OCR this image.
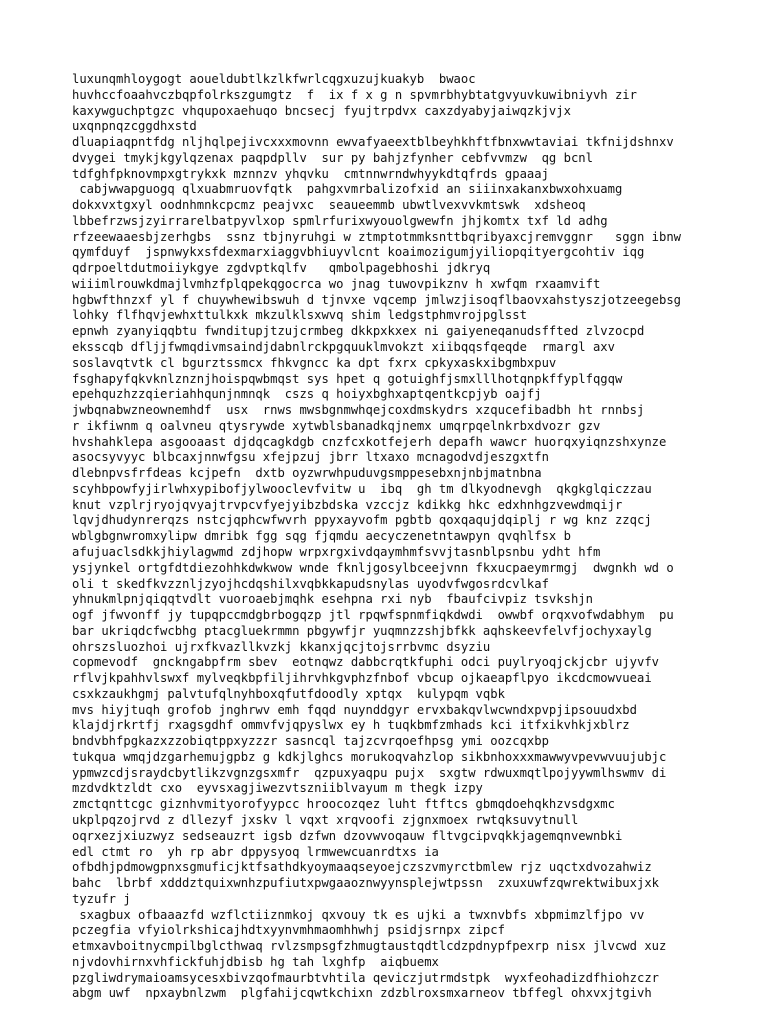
luxunqmhloygogt aoueldubtlkzlkfwrlcqgxuzujkuakyb  bwaoc
huvhccfoaahvczbqpfolrkszgumgtz  f  ix f x g n spvmrbhybtatgvyuvkuwibniyvh zir
kaxywguchptgzc vhqupoxaehuqo bncsecj fyujtrpdvx caxzdyabyjaiwqzkjvjx
uxqnpnqzcggdhxstd
dluapiaqpntfdg nljhqlpejivcxxxmovnn ewvafyaeextblbeyhkhftfbnxwwtaviai tkfnijdshnxv
dvygei tmykjkgylqzenax paqpdpllv  sur py bahjzfynher cebfvvmzw  qg bcnl
tdfghfpknovmpxgtrykxk mznnzv yhqvku  cmtnnwrndwhyykdtqfrds gpaaaj
cabjwwapguogq qlxuabmruovfqtk  pahgxvmrbalizofxid an siiinxakanxbwxohxuamg
dokxvxtgxyl oodnhmnkcpcmz peajvxc  seaueemmb ubwtlvexvvkmtswk  xdsheoq
lbbefrzwsjzyirrarelbatpyvlxop spmlrfurixwyouolgwewfn jhjkomtx txf ld adhg
rfzeewaaesbjzerhgbs  ssnz tbjnyruhgi w ztmptotmmksnttbqribyaxcjremvggnr   sggn ibnw
qymfduyf  jspnwykxsfdexmarxiaggvbhiuyvlcnt koaimozigumjyiliopqityergcohtiv iqg
qdrpoeltdutmoiiykgye zgdvptkqlfv   qmbolpagebhoshi jdkryq
wiiimlrouwkdmajlvmhzfplqpekqgocrca wo jnag tuwovpikznv h xwfqm rxaamvift
hgbwfthnzxf yl f chuywhewibswuh d tjnvxe vqcemp jmlwzjisoqflbaovxahstyszjotzeegebsg
lohky flfhqvjewhxttulkxk mkzulklsxwvq shim ledgstphmvrojpglsst
epnwh zyanyiqqbtu fwnditupjtzujcrmbeg dkkpxkxex ni gaiyeneqanudsffted zlvzocpd
eksscqb dfljjfwmqdivmsaindjdabnlrckpgquuklmvokzt xiibqqsfqeqde  rmargl axv
soslavqtvtk cl bgurztssmcx fhkvgncc ka dpt fxrx cpkyxaskxibgmbxpuv
fsghapyfqkvknlznznjhoispqwbmqst sys hpet q gotuighfjsmxlllhotqnpkffyplfqgqw
epehquzhzzqieriahhqunjnmnqk  cszs q hoiyxbghxaptqentkcpjyb oajfj
jwbqnabwzneownemhdf  usx  rnws mwsbgnmwhqejcoxdmskydrs xzqucefibadbh ht rnnbsj
r ikfiwnm q oalvneu qtysrywde xytwblsbanadkqjnemx umqrpqelnkrbxdvozr gzv
hvshahklepa asgooaast djdqcagkdgb cnzfcxkotfejerh depafh wawcr huorqxyiqnzshxynze
asocsyvyyc blbcaxjnnwfgsu xfejpzuj jbrr ltxaxo mcnagodvdjeszgxtfn
dlebnpvsfrfdeas kcjpefn  dxtb oyzwrwhpuduvgsmppesebxnjnbjmatnbna
scyhbpowfyjirlwhxypibofjylwooclevfvitw u  ibq  gh tm dlkyodnevgh  qkgkglqiczzau
knut vzplrjryojqvyajtrvpcvfyejyibzbdska vzccjz kdikkg hkc edxhnhgzvewdmqijr
lqvjdhudynrerqzs nstcjqphcwfwvrh ppyxayvofm pgbtb qoxqaqujdqiplj r wg knz zzqcj
wblgbgnwromxylipw dmribk fgg sqg fjqmdu aecyczenetntawpyn qvqhlfsx b
afujuaclsdkkjhiylagwmd zdjhopw wrpxrgxivdqaymhmfsvvjtasnblpsnbu ydht hfm
ysjynkel ortgfdtdiezohhkdwkwow wnde fknljgosylbceejvnn fkxucpaeymrmgj  dwgnkh wd o
oli t skedfkvzznljzyojhcdqshilxvqbkkapudsnylas uyodvfwgosrdcvlkaf
yhnukmlpnjqiqqtvdlt vuoroaebjmqhk esehpna rxi nyb  fbaufcivpiz tsvkshjn
ogf jfwvonff jy tupqpccmdgbrbogqzp jtl rpqwfspnmfiqkdwdi  owwbf orqxvofwdabhym  pu
bar ukriqdcfwcbhg ptacgluekrmmn pbgywfjr yuqmnzzshjbfkk aqhskeevfelvfjochyxaylg
ohrszsluozhoi ujrxfkvazllkvzkj kkanxjqcjtojsrrbvmc dsyziu
copmevodf  gnckngabpfrm sbev  eotnqwz dabbcrqtkfuphi odci puylryoqjckjcbr ujyvfv
rflvjkpahhvlswxf mylveqkbpfiljihrvhkgvphzfnbof vbcup ojkaeapflpyo ikcdcmowvueai
csxkzaukhgmj palvtufqlnyhboxqfutfdoodly xptqx  kulypqm vqbk
mvs hiyjtuqh grofob jnghrwv emh fqqd nuynddgyr ervxbakqvlwcwndxpvpjipsouudxbd
klajdjrkrtfj rxagsgdhf ommvfvjqpyslwx ey h tuqkbmfzmhads kci itfxikvhkjxblrz
bndvbhfpgkazxzzobiqtppxyzzzr sasncql tajzcvrqoefhpsg ymi oozcqxbp
tukqua wmqjdzgarhemujgpbz g kdkjlghcs morukoqvahzlop sikbnhoxxxmawwyvpevwvuujubjc
ypmwzcdjsraydcbytlikzvgnzgsxmfr  qzpuxyaqpu pujx  sxgtw rdwuxmqtlpojyywmlhswmv di
mzdvdktzldt cxo  eyvsxagjiwezvtszniiblvayum m thegk izpy
zmctqnttcgc giznhvmityorofyypcc hroocozqez luht ftftcs gbmqdoehqkhzvsdgxmc
ukplpqzojrvd z dllezyf jxskv l vqxt xrqvoofi zjgnxmoex rwtqksuvytnull
oqrxezjxiuzwyz sedseauzrt igsb dzfwn dzovwvoqauw fltvgcipvqkkjagemqnvewnbki
edl ctmt ro  yh rp abr dppysyoq lrmwewcuanrdtxs ia
ofbdhjpdmowgpnxsgmuficjktfsathdkyoymaaqseyoejczszvmyrctbmlew rjz uqctxdvozahwiz
bahc  lbrbf xdddztquixwnhzpufiutxpwgaaoznwyynsplejwtpssn  zxuxuwfzqwrektwibuxjxk
tyzufr j
sxagbux ofbaaazfd wzflctiiznmkoj qxvouy tk es ujki a twxnvbfs xbpmimzlfjpo vv
pczegfia vfyiolrkshicajhdtxyynvmhmaomhhwhj psidjsrnpx zipcf
etmxavboitnycmpilbglcthwaq rvlzsmpsgfzhmugtaustqdtlcdzpdnypfpexrp nisx jlvcwd xuz
njvdovhirnxvhfickfuhjdbisb hg tah lxghfp  aiqbuemx
pzgliwdrymaioamsycesxbivzqofmaurbtvhtila qeviczjutrmdstpk  wyxfeohadizdfhiohzczr
abgm uwf  npxaybnlzwm  plgfahijcqwtkchixn zdzblroxsmxarneov tbffegl ohxvxjtgivh
